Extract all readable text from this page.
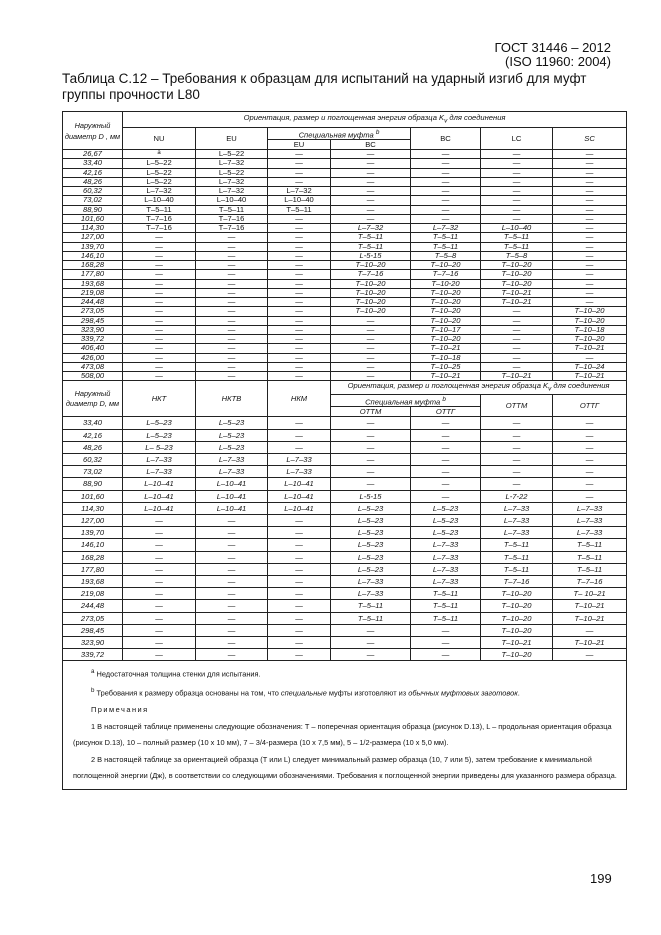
ГОСТ 31446 – 2012
(ISO 11960: 2004)
Таблица С.12 – Требования к образцам для испытаний на ударный изгиб для муфт группы прочности L80
Наружный диаметр D , мм	Ориентация, размер и поглощенная энергия образца $K_v$ для соединения						
	NU	EU	Специальная муфта $^b$		BC	LC	SC
			EU	BC			
26,67	a	L–5–22	—	—	—	—	—
33,40	L–5–22	L–7–32	—	—	—	—	—
42,16	L–5–22	L–5–22	—	—	—	—	—
48,26	L–5–22	L–7–32	—	—	—	—	—
60,32	L–7–32	L–7–32	L–7–32	—	—	—	—
73,02	L–10–40	L–10–40	L–10–40	—	—	—	—
88,90	T–5–11	T–5–11	T–5–11	—	—	—	—
101,60	T–7–16	T–7–16	—	—	—	—	—
114,30	T–7–16	T–7–16	—	L–7–32	L–7–32	L–10–40	—
127,00	—	—	—	T–5–11	T–5–11	T–5–11	—
139,70	—	—	—	T–5–11	T–5–11	T–5–11	—
146,10	—	—	—	L-5-15	T–5–8	T–5–8	—
168,28	—	—	—	T–10–20	T–10–20	T–10–20	—
177,80	—	—	—	T–7–16	T–7–16	T–10–20	—
193,68	—	—	—	T–10–20	T–10-20	T–10–20	—
219,08	—	—	—	T–10–20	T–10–20	T–10–21	—
244,48	—	—	—	T–10–20	T–10–20	T–10–21	—
273,05	—	—	—	T–10–20	T–10–20	—	T–10–20
298,45	—	—	—	—	T–10–20	—	T–10–20
323,90	—	—	—	—	T–10–17	—	T–10–18
339,72	—	—	—	—	T–10–20	—	T–10–20
406,40	—	—	—	—	T–10–21	—	T–10–21
426,00	—	—	—	—	T–10–18	—	—
473,08	—	—	—	—	T–10–25	—	T–10–24
508,00	—	—	—	—	T–10–21	T–10–21	T–10–21
Наружный диаметр D, мм	НКТ	НКТВ	НКМ	Ориентация, размер и поглощенная энергия образца $K_v$ для соединения			
				Специальная муфта $^b$		ОТТМ	ОТТГ
				ОТТМ	ОТТГ		
33,40	L–5–23	L–5–23	—	—	—	—	—
42,16	L–5–23	L–5–23	—	—	—	—	—
48,26	L– 5–23	L–5–23	—	—	—	—	—
60,32	L–7–33	L–7–33	L–7–33	—	—	—	—
73,02	L–7–33	L–7–33	L–7–33	—	—	—	—
88,90	L–10–41	L–10–41	L–10–41	—	—	—	—
101,60	L–10–41	L–10–41	L–10–41	L-5-15	—	L-7-22	—
114,30	L–10–41	L–10–41	L–10–41	L–5–23	L–5–23	L–7–33	L–7–33
127,00	—	—	—	L–5–23	L–5–23	L–7–33	L–7–33
139,70	—	—	—	L–5–23	L–5–23	L–7–33	L–7–33
146,10	—	—	—	L–5–23	L–7–33	T–5–11	T–5–11
168,28	—	—	—	L–5–23	L–7–33	T–5–11	T–5–11
177,80	—	—	—	L–5–23	L–7–33	T–5–11	T–5–11
193,68	—	—	—	L–7–33	L–7–33	T–7–16	T–7–16
219,08	—	—	—	L–7–33	T–5–11	T–10–20	T– 10–21
244,48	—	—	—	T–5–11	T–5–11	T–10–20	T–10–21
273,05	—	—	—	T–5–11	T–5–11	T–10–20	T–10–21
298,45	—	—	—	—	—	T–10–20	—
323,90	—	—	—	—	—	T–10–21	T–10–21
339,72	—	—	—	—	—	T–10–20	—

$^a$ Недостаточная толщина стенки для испытания.
$^b$ Требования к размеру образца основаны на том, что специальные муфты изготовляют из обычных муфтовых заготовок.
Примечания
1 В настоящей таблице применены следующие обозначения: Т – поперечная ориентация образца (рисунок D.13), L – продольная ориентация образца (рисунок D.13), 10 – полный размер (10 х 10 мм), 7 – 3/4-размера (10 х 7,5 мм), 5 – 1/2-размера (10 х 5,0 мм).
2 В настоящей таблице за ориентацией образца (Т или L) следует минимальный размер образца (10, 7 или 5), затем требование к минимальной поглощенной энергии (Дж), в соответствии со следующими обозначениями. Требования к поглощенной энергии приведены для указанного размера образца.							
199
